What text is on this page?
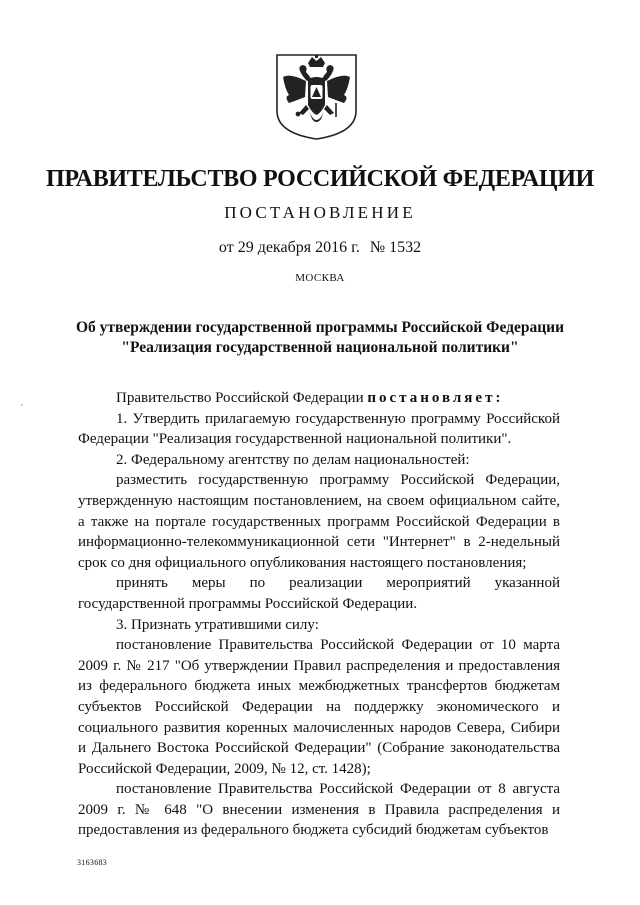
ПРАВИТЕЛЬСТВО РОССИЙСКОЙ ФЕДЕРАЦИИ
ПОСТАНОВЛЕНИЕ
от 29 декабря 2016 г. № 1532
МОСКВА
Об утверждении государственной программы Российской Федерации
"Реализация государственной национальной политики"

Правительство Российской Федерации постановляет:

1. Утвердить прилагаемую государственную программу Российской Федерации "Реализация государственной национальной политики".

2. Федеральному агентству по делам национальностей:

разместить государственную программу Российской Федерации, утвержденную настоящим постановлением, на своем официальном сайте, а также на портале государственных программ Российской Федерации в информационно-телекоммуникационной сети "Интернет" в 2-недельный срок со дня официального опубликования настоящего постановления;

принять меры по реализации мероприятий указанной государственной программы Российской Федерации.

3. Признать утратившими силу:

постановление Правительства Российской Федерации от 10 марта 2009 г. № 217 "Об утверждении Правил распределения и предоставления из федерального бюджета иных межбюджетных трансфертов бюджетам субъектов Российской Федерации на поддержку экономического и социального развития коренных малочисленных народов Севера, Сибири и Дальнего Востока Российской Федерации" (Собрание законодательства Российской Федерации, 2009, № 12, ст. 1428);

постановление Правительства Российской Федерации от 8 августа 2009 г. № 648 "О внесении изменения в Правила распределения и предоставления из федерального бюджета субсидий бюджетам субъектов

3163683
